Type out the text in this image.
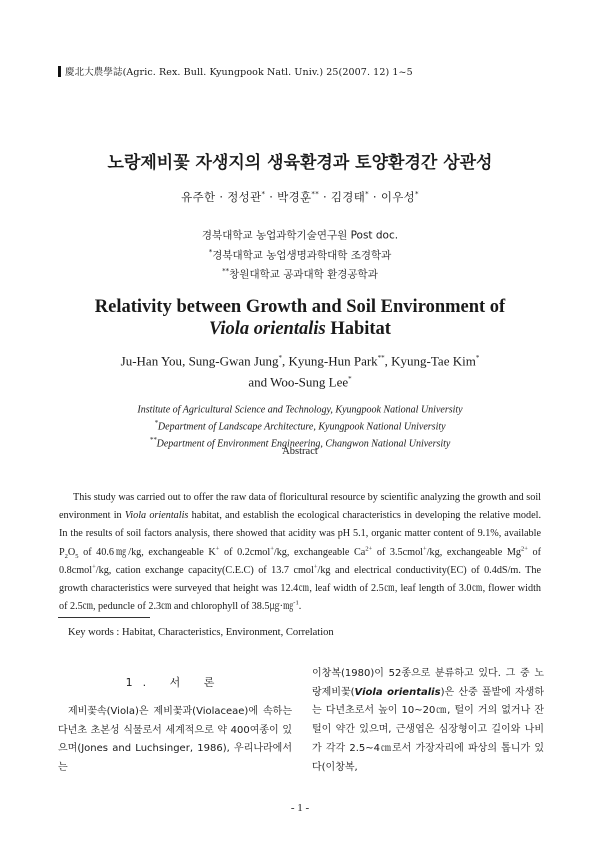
慶北大農學誌(Agric. Rex. Bull. Kyungpook Natl. Univ.) 25(2007. 12) 1~5
노랑제비꽃 자생지의 생육환경과 토양환경간 상관성
유주한 · 정성관* · 박경훈** · 김경태* · 이우성*
경북대학교 농업과학기술연구원 Post doc.
*경북대학교 농업생명과학대학 조경학과
**창원대학교 공과대학 환경공학과
Relativity between Growth and Soil Environment of
Viola orientalis Habitat
Ju-Han You, Sung-Gwan Jung*, Kyung-Hun Park**, Kyung-Tae Kim*
and Woo-Sung Lee*
Institute of Agricultural Science and Technology, Kyungpook National University
*Department of Landscape Architecture, Kyungpook National University
**Department of Environment Engineering, Changwon National University
Abstract

This study was carried out to offer the raw data of floricultural resource by scientific analyzing the growth and soil environment in Viola orientalis habitat, and establish the ecological characteristics in developing the relative model. In the results of soil factors analysis, there showed that acidity was pH 5.1, organic matter content of 9.1%, available $P_2O_5$ of 40.6㎎/kg, exchangeable K+ of 0.2cmol+/kg, exchangeable $Ca^{2+}$ of 3.5cmol+/kg, exchangeable $Mg^{2+}$ of 0.8cmol+/kg, cation exchange capacity(C.E.C) of 13.7 cmol+/kg and electrical conductivity(EC) of 0.4dS/m. The growth characteristics were surveyed that height was 12.4㎝, leaf width of 2.5㎝, leaf length of 3.0㎝, flower width of 2.5㎝, peduncle of 2.3㎝ and chlorophyll of 38.5㎍·㎎$^{-1}$.

Key words : Habitat, Characteristics, Environment, Correlation
1. 서 론

제비꽃속(Viola)은 제비꽃과(Violaceae)에 속하는 다년초 초본성 식물로서 세계적으로 약 400여종이 있으며(Jones and Luchsinger, 1986), 우리나라에서는

이창복(1980)이 52종으로 분류하고 있다. 그 중 노랑제비꽃(Viola orientalis)은 산중 풀밭에 자생하는 다년초로서 높이 10~20㎝, 털이 거의 없거나 잔털이 약간 있으며, 근생엽은 심장형이고 길이와 나비가 각각 2.5~4㎝로서 가장자리에 파상의 톱니가 있다(이창복,

- 1 -
